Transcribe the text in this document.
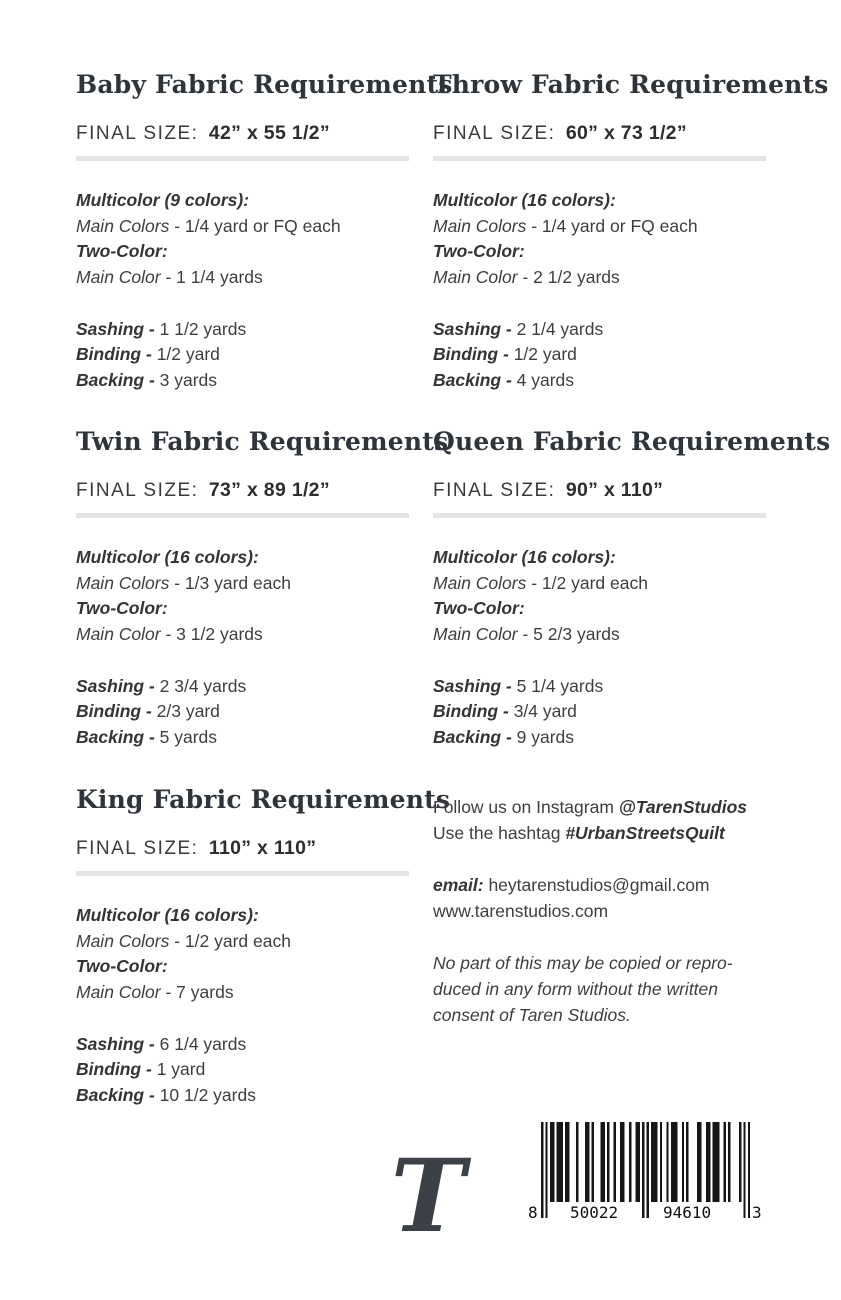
Baby Fabric Requirements
FINAL SIZE: 42” x 55 1/2”
Multicolor (9 colors):
Main Colors - 1/4 yard or FQ each
Two-Color:
Main Color - 1 1/4 yards
Sashing - 1 1/2 yards
Binding - 1/2 yard
Backing - 3 yards
Throw Fabric Requirements
FINAL SIZE: 60” x 73 1/2”
Multicolor (16 colors):
Main Colors - 1/4 yard or FQ each
Two-Color:
Main Color - 2 1/2 yards
Sashing - 2 1/4 yards
Binding - 1/2 yard
Backing - 4 yards
Twin Fabric Requirements
FINAL SIZE: 73” x 89 1/2”
Multicolor (16 colors):
Main Colors - 1/3 yard each
Two-Color:
Main Color - 3 1/2 yards
Sashing - 2 3/4 yards
Binding - 2/3 yard
Backing - 5 yards
Queen Fabric Requirements
FINAL SIZE: 90” x 110”
Multicolor (16 colors):
Main Colors - 1/2 yard each
Two-Color:
Main Color - 5 2/3 yards
Sashing - 5 1/4 yards
Binding - 3/4 yard
Backing - 9 yards
King Fabric Requirements
FINAL SIZE: 110” x 110”
Multicolor (16 colors):
Main Colors - 1/2 yard each
Two-Color:
Main Color - 7 yards
Sashing - 6 1/4 yards
Binding - 1 yard
Backing - 10 1/2 yards
Follow us on Instagram @TarenStudios
Use the hashtag #UrbanStreetsQuilt
email: heytarenstudios@gmail.com
www.tarenstudios.com
No part of this may be copied or repro-
duced in any form without the written
consent of Taren Studios.
T	8 50022	94610	3
